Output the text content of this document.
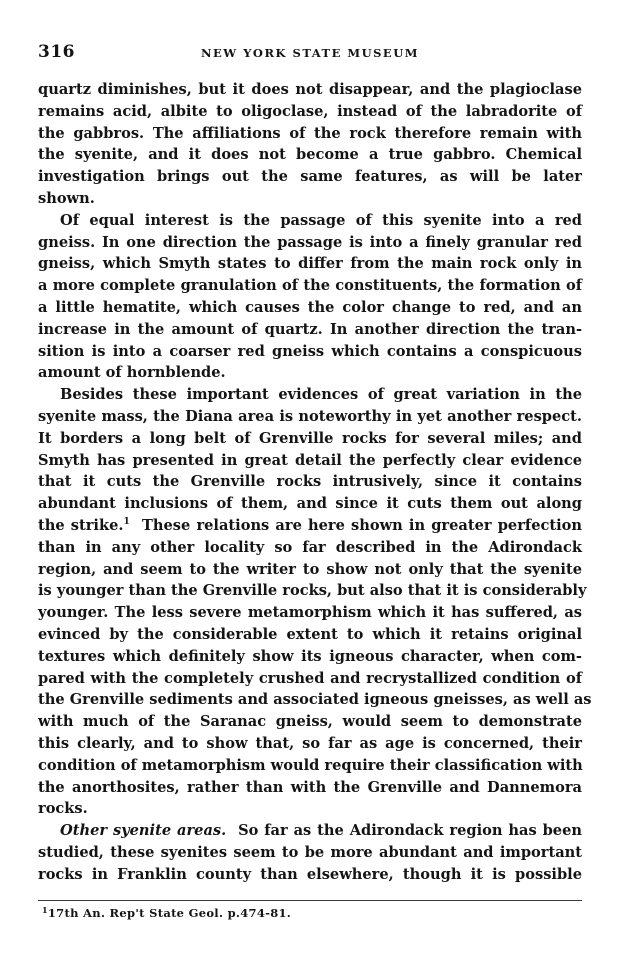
316	NEW YORK STATE MUSEUM
quartz diminishes, but it does not disappear, and the plagioclase
remains acid, albite to oligoclase, instead of the labradorite of
the gabbros. The affiliations of the rock therefore remain with
the syenite, and it does not become a true gabbro. Chemical
investigation brings out the same features, as will be later
shown.
Of equal interest is the passage of this syenite into a red
gneiss. In one direction the passage is into a finely granular red
gneiss, which Smyth states to differ from the main rock only in
a more complete granulation of the constituents, the formation of
a little hematite, which causes the color change to red, and an
increase in the amount of quartz. In another direction the tran-
sition is into a coarser red gneiss which contains a conspicuous
amount of hornblende.
Besides these important evidences of great variation in the
syenite mass, the Diana area is noteworthy in yet another respect.
It borders a long belt of Grenville rocks for several miles; and
Smyth has presented in great detail the perfectly clear evidence
that it cuts the Grenville rocks intrusively, since it contains
abundant inclusions of them, and since it cuts them out along
the strike.$^1$  These relations are here shown in greater perfection
than in any other locality so far described in the Adirondack
region, and seem to the writer to show not only that the syenite
is younger than the Grenville rocks, but also that it is considerably
younger. The less severe metamorphism which it has suffered, as
evinced by the considerable extent to which it retains original
textures which definitely show its igneous character, when com-
pared with the completely crushed and recrystallized condition of
the Grenville sediments and associated igneous gneisses, as well as
with much of the Saranac gneiss, would seem to demonstrate
this clearly, and to show that, so far as age is concerned, their
condition of metamorphism would require their classification with
the anorthosites, rather than with the Grenville and Dannemora
rocks.
Other syenite areas. So far as the Adirondack region has been
studied, these syenites seem to be more abundant and important
rocks in Franklin county than elsewhere, though it is possible
$^1$17th An. Rep't State Geol. p.474-81.
